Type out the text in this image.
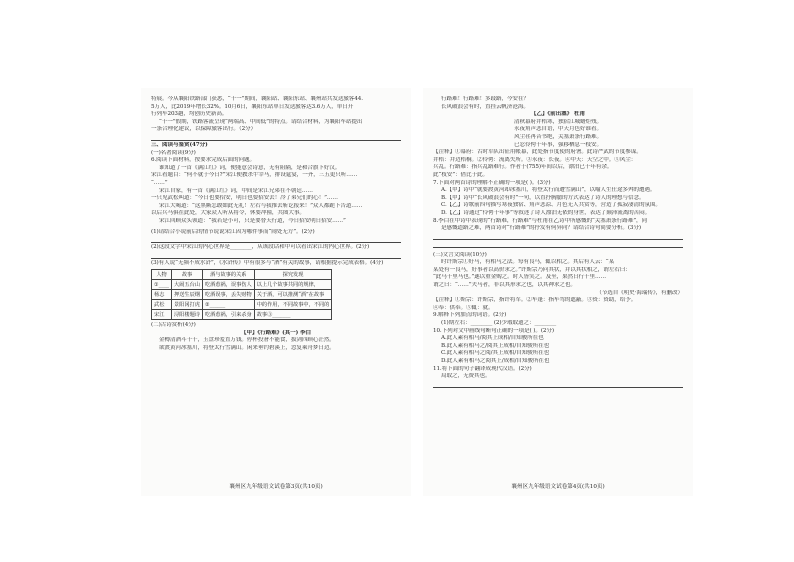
特展。今从襄阳铁路部门获悉，“十一”期间，襄阳站、襄阳东站、襄州站共发送旅客44.
5万人，比2019年增长32%。10月6日，襄阳东站单日发送旅客达3.6万人，单日开
行列车203趟，均创历史新高。
“十一”假期，铁路客流呈现“两端高、中间低”的特点。请结合材料，为襄阳车站提出
一条合理化建议，以保障旅客出行。（2分）
三、阅读与鉴赏(47分)
(一)名著阅读(9分)
6.阅读下面材料，按要求完成后面的问题。
谁知道了一首《满江红》词，便能意会诗意，无有阻隔，是和合旗下好汉。
宋江看题目：“何不就于今日?”宋江便教杀牛宰马，排设筵宴，一齐，三五更只听……
“……”
宋江自家，有一首《满江红》词，中间是宋江兄弟在不朝廷……
一只见武松叫道：“今日也要招安，明日也要招安去！冷了弟兄们的心！”……
宋江大喝道：“这黑厮怎敢如此无礼！左右与我推去斩讫报来！”众人都跪下告道……
以后兵马俱在此处，大家众人听从将令，休要冲撞，共图大事。
宋江回顾众头领道：“我若是小可，只是要替天行道，今日招安明日招安……”
(1)请结合小说前后的情节说说宋江因为哪件事而“闹处无方”。(2分)
(2)这段文字中宋江的内心世界是________，从该段话和中可以看出宋江的内心世界。(2分)
(3)有人说“无频不成水浒”，《水浒传》中有很多与“酒”有关的故事，请根据提示完成表格。(4分)
人物	故事	酒与故事的关系	探究发现
①____	大闹五台山	吃酒惹祸，误事伤人	以上几个故事共同的规律，
杨志	押送生辰纲	吃酒误事，丢失财物	关于酒，可以推测“酒”在故事
武松	景阳冈打虎	②______	中的作用，不同故事中，不同的
宋江	浔阳楼题诗	吃酒惹祸，引来杀身	故事③_______
(二)古诗赏析(4分)
【甲】《行路难》(其一) 李白
金樽清酒斗十千，玉盘珍羞直万钱。停杯投箸不能食，拔剑四顾心茫然。
欲渡黄河冰塞川，将登太行雪满山。闲来垂钓碧溪上，忽复乘舟梦日边。
襄州区九年级语文试卷第3页(共10页)
行路难！行路难！多歧路，今安在？
长风破浪会有时，直挂云帆济沧海。
【乙】《前出塞》 杜甫
清秋幕府井梧寒，独宿江城蜡炬残。
永夜角声悲自语，中天月色好谁看。
风尘荏苒音书绝，关塞萧条行路难。
已忍伶俜十年事，强移栖息一枝安。
【注释】①幕府：古时军队出征用帐幕，此处指节度使的府署。此诗严武的节度参谋。
井梧：井边梧桐。②伶俜：流离失所。③永夜：长夜。④中天：天空之中。⑤风尘：
兵乱。行路难：指兵乱路难行。作者于(755)年间以后，漂泊已十年有余。
此“枝安”：借比于此。
7.下面对两首诗的理解不正确的一项是( )。(3分)
A.【甲】诗中“就要渡黄河却冰塞川，将登太行而遭雪满山”，以喻人生仕途多舛的遭遇。
B.【甲】诗中“长风破浪会有时”一句，以直抒胸臆的方式表达了诗人的理想与信念。
C.【乙】诗歌前四句描写寒夜独宿、角声悲凉、月色无人共赏等，营造了孤寂凄清的氛围。
D.【乙】诗通过“伶俜十年事”等叙述了诗人漂泊无依的身世，表达了颠沛流离的苦闷。
8.李白在甲诗中表现的“行路难，行路难”与杜甫在乙诗中所感慨的“关塞萧条行路难”，同
是感慨道路之难，两首诗对“行路难”的抒发有何异同？请结合诗句简要分析。(3分)
(三)文言文阅读(10分)
时许斯宗①好马，有相马之法。每有良马，辄以相之。其后有人云：“某
某处有一良马，好事者以高价求之。”许斯宗乃问其状，并以其状相之，谓左右曰：
“此马千里马也。”遂以重金购之。时人皆笑之。及至，果然日行千里……
谓之曰：“……”夫马者，非以其形求之也，以其神求之也。
（节选自《明史·海瑞传》，有删改）
【注释】①斯宗：许斯宗，指许将军。②车蓬：指车驾的遮蔽。③资：资助，给予。
④奉：供奉。⑤辄：就。
9.解释下列加点的词语。(2分)
(1)期左右：________ (2)少瑕取遗之：________
10.下列对文中画线句断句正确的一项是( )。(2分)
A.此人素有相马/阅其上成相/自知骏所在也
B.此人素有相马之/阅其上成相/自知骏所在也
C.此人素有相马之阅/其上成相/自知骏所在也
D.此人素有相马之阅其上/成相/自知骏所在也
11.将下面的句子翻译成现代汉语。(2分)
局取之，无费其也。
襄州区九年级语文试卷第4页(共10页)
